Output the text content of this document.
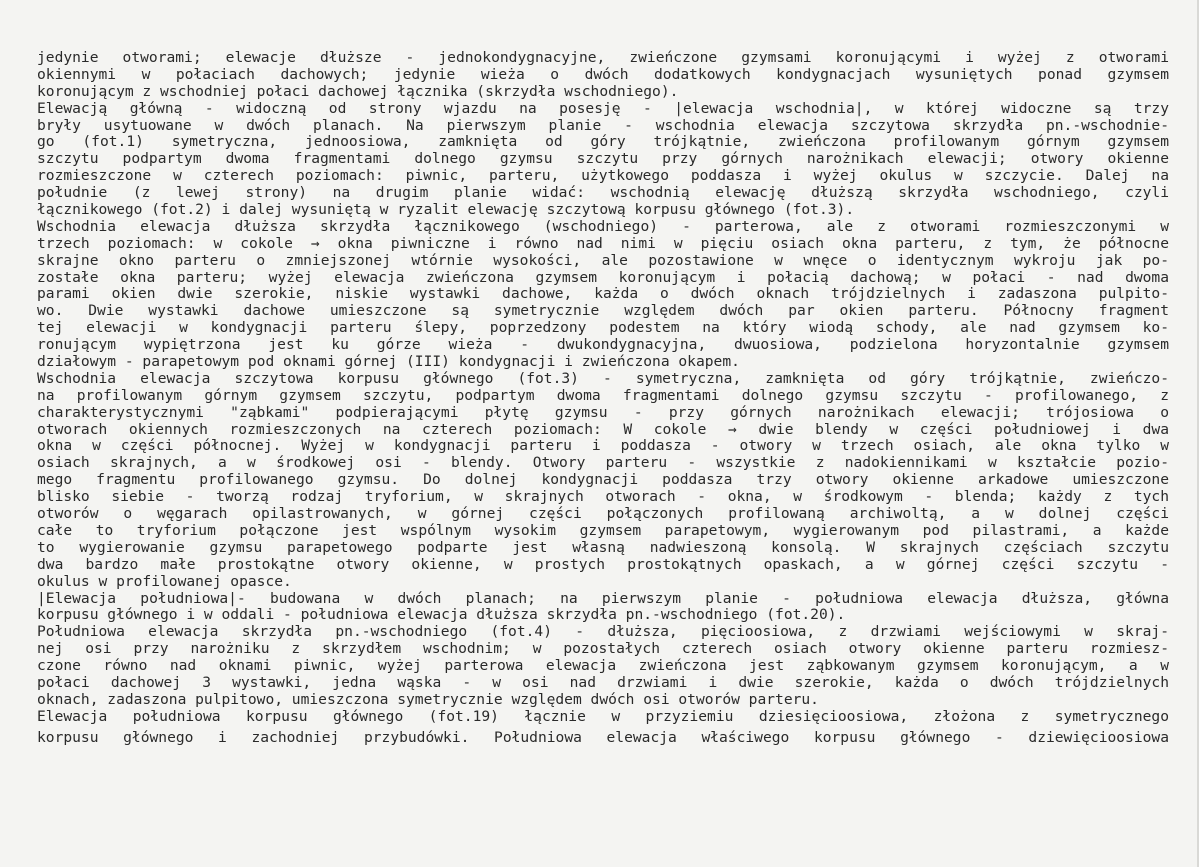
jedynie otworami; elewacje dłuższe - jednokondygnacyjne, zwieńczone gzymsami koronującymi i wyżej z otworami
okiennymi w połaciach dachowych; jedynie wieża o dwóch dodatkowych kondygnacjach wysuniętych ponad gzymsem
koronującym z wschodniej połaci dachowej łącznika (skrzydła wschodniego).
Elewacją główną - widoczną od strony wjazdu na posesję - |elewacja wschodnia|, w której widoczne są trzy
bryły usytuowane w dwóch planach. Na pierwszym planie - wschodnia elewacja szczytowa skrzydła pn.-wschodnie-
go (fot.1) symetryczna, jednoosiowa, zamknięta od góry trójkątnie, zwieńczona profilowanym górnym gzymsem
szczytu podpartym dwoma fragmentami dolnego gzymsu szczytu przy górnych narożnikach elewacji; otwory okienne
rozmieszczone w czterech poziomach: piwnic, parteru, użytkowego poddasza i wyżej okulus w szczycie. Dalej na
południe (z lewej strony) na drugim planie widać: wschodnią elewację dłuższą skrzydła wschodniego, czyli
łącznikowego (fot.2) i dalej wysuniętą w ryzalit elewację szczytową korpusu głównego (fot.3).
Wschodnia elewacja dłuższa skrzydła łącznikowego (wschodniego) - parterowa, ale z otworami rozmieszczonymi w
trzech poziomach: w cokole → okna piwniczne i równo nad nimi w pięciu osiach okna parteru, z tym, że północne
skrajne okno parteru o zmniejszonej wtórnie wysokości, ale pozostawione w wnęce o identycznym wykroju jak po-
zostałe okna parteru; wyżej elewacja zwieńczona gzymsem koronującym i połacią dachową; w połaci - nad dwoma
parami okien dwie szerokie, niskie wystawki dachowe, każda o dwóch oknach trójdzielnych i zadaszona pulpito-
wo. Dwie wystawki dachowe umieszczone są symetrycznie względem dwóch par okien parteru. Północny fragment
tej elewacji w kondygnacji parteru ślepy, poprzedzony podestem na który wiodą schody, ale nad gzymsem ko-
ronującym wypiętrzona jest ku górze wieża - dwukondygnacyjna, dwuosiowa, podzielona horyzontalnie gzymsem
działowym - parapetowym pod oknami górnej (III) kondygnacji i zwieńczona okapem.
Wschodnia elewacja szczytowa korpusu głównego (fot.3) - symetryczna, zamknięta od góry trójkątnie, zwieńczo-
na profilowanym górnym gzymsem szczytu, podpartym dwoma fragmentami dolnego gzymsu szczytu - profilowanego, z
charakterystycznymi "ząbkami" podpierającymi płytę gzymsu - przy górnych narożnikach elewacji; trójosiowa o
otworach okiennych rozmieszczonych na czterech poziomach: W cokole → dwie blendy w części południowej i dwa
okna w części północnej. Wyżej w kondygnacji parteru i poddasza - otwory w trzech osiach, ale okna tylko w
osiach skrajnych, a w środkowej osi - blendy. Otwory parteru - wszystkie z nadokiennikami w kształcie pozio-
mego fragmentu profilowanego gzymsu. Do dolnej kondygnacji poddasza trzy otwory okienne arkadowe umieszczone
blisko siebie - tworzą rodzaj tryforium, w skrajnych otworach - okna, w środkowym - blenda; każdy z tych
otworów o węgarach opilastrowanych, w górnej części połączonych profilowaną archiwoltą, a w dolnej części
całe to tryforium połączone jest wspólnym wysokim gzymsem parapetowym, wygierowanym pod pilastrami, a każde
to wygierowanie gzymsu parapetowego podparte jest własną nadwieszoną konsolą. W skrajnych częściach szczytu
dwa bardzo małe prostokątne otwory okienne, w prostych prostokątnych opaskach, a w górnej części szczytu -
okulus w profilowanej opasce.
|Elewacja południowa|- budowana w dwóch planach; na pierwszym planie - południowa elewacja dłuższa, główna
korpusu głównego i w oddali - południowa elewacja dłuższa skrzydła pn.-wschodniego (fot.20).
Południowa elewacja skrzydła pn.-wschodniego (fot.4) - dłuższa, pięcioosiowa, z drzwiami wejściowymi w skraj-
nej osi przy narożniku z skrzydłem wschodnim; w pozostałych czterech osiach otwory okienne parteru rozmiesz-
czone równo nad oknami piwnic, wyżej parterowa elewacja zwieńczona jest ząbkowanym gzymsem koronującym, a w
połaci dachowej 3 wystawki, jedna wąska - w osi nad drzwiami i dwie szerokie, każda o dwóch trójdzielnych
oknach, zadaszona pulpitowo, umieszczona symetrycznie względem dwóch osi otworów parteru.
Elewacja południowa korpusu głównego (fot.19) łącznie w przyziemiu dziesięcioosiowa, złożona z symetrycznego
korpusu głównego i zachodniej przybudówki. Południowa elewacja właściwego korpusu głównego - dziewięcioosiowa
